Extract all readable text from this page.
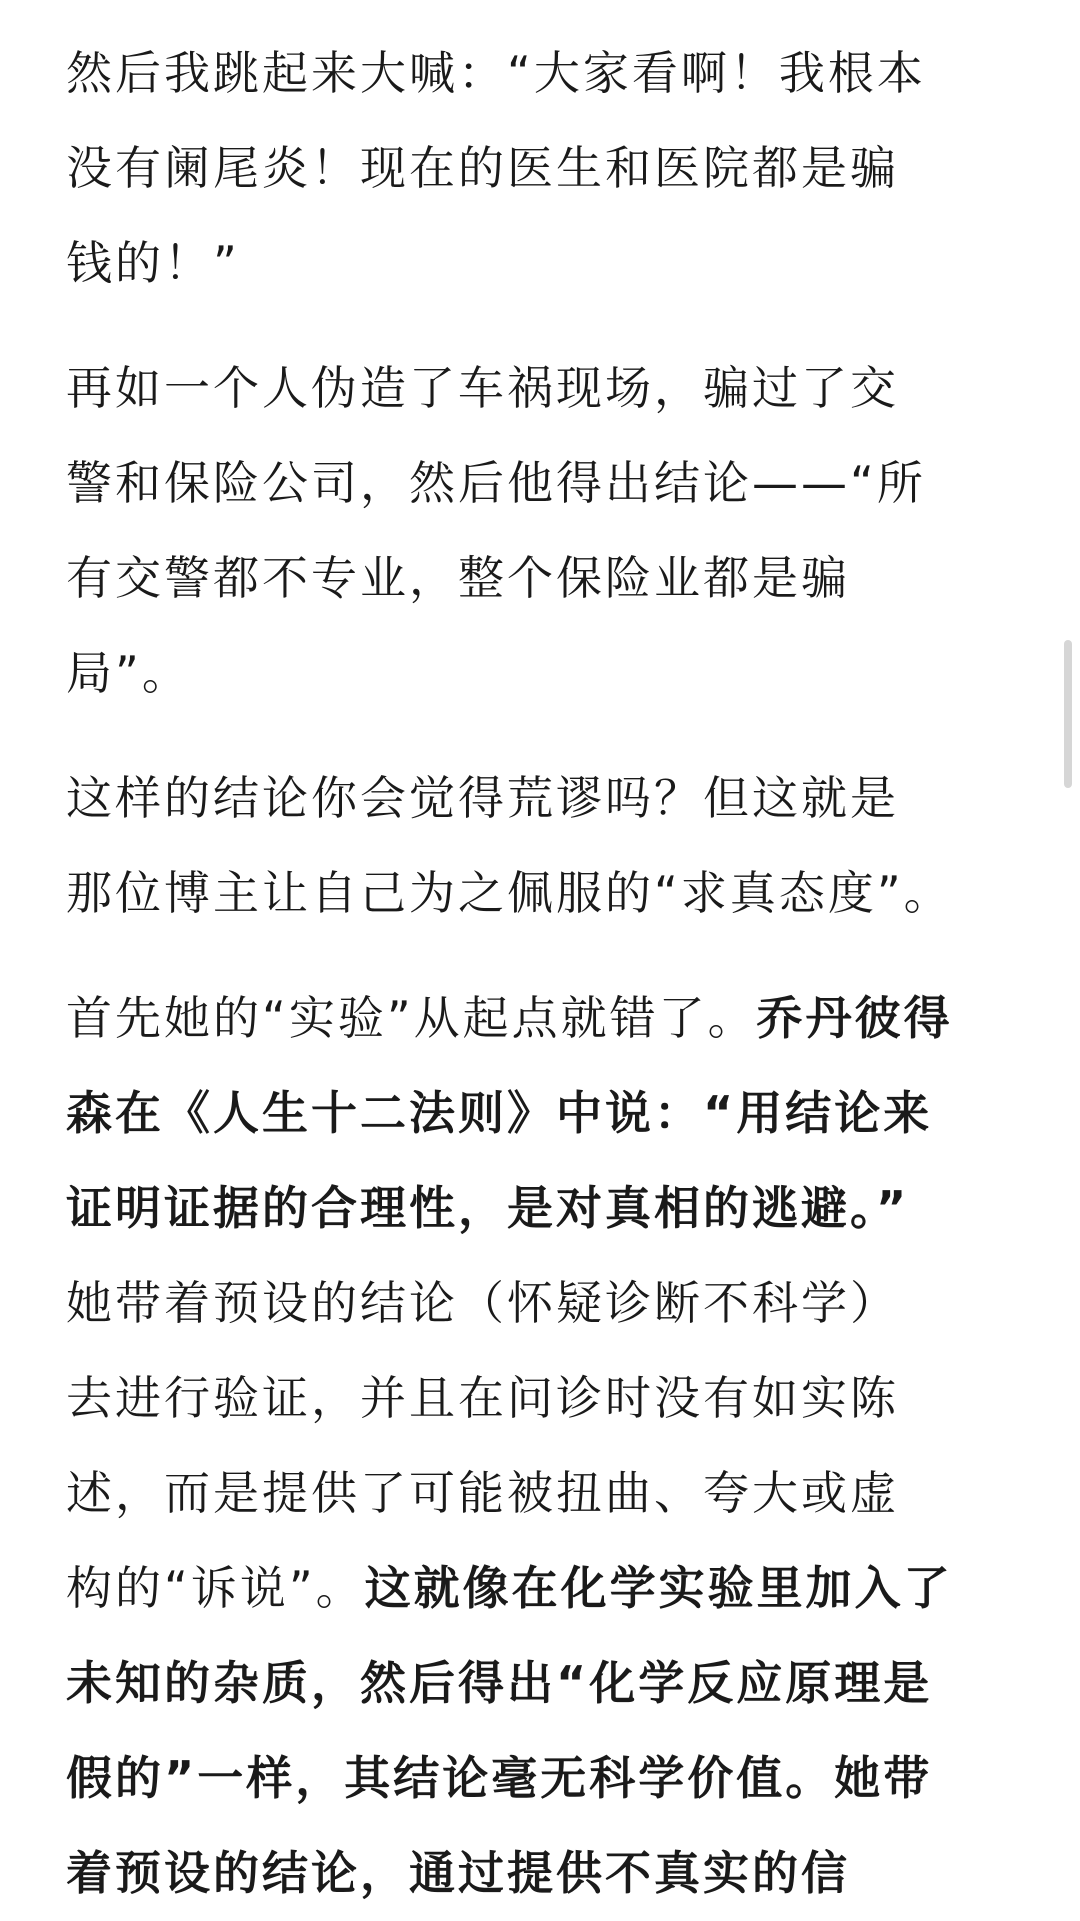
然后我跳起来大喊：“大家看啊！我根本
没有阑尾炎！现在的医生和医院都是骗
钱的！”

再如一个人伪造了车祸现场，骗过了交
警和保险公司，然后他得出结论——“所
有交警都不专业，整个保险业都是骗
局”。

这样的结论你会觉得荒谬吗？但这就是
那位博主让自己为之佩服的“求真态度”。

首先她的“实验”从起点就错了。乔丹彼得
森在《人生十二法则》中说：“用结论来
证明证据的合理性，是对真相的逃避。”
她带着预设的结论（怀疑诊断不科学）
去进行验证，并且在问诊时没有如实陈
述，而是提供了可能被扭曲、夸大或虚
构的“诉说”。这就像在化学实验里加入了
未知的杂质，然后得出“化学反应原理是
假的”一样，其结论毫无科学价值。她带
着预设的结论，通过提供不真实的信
